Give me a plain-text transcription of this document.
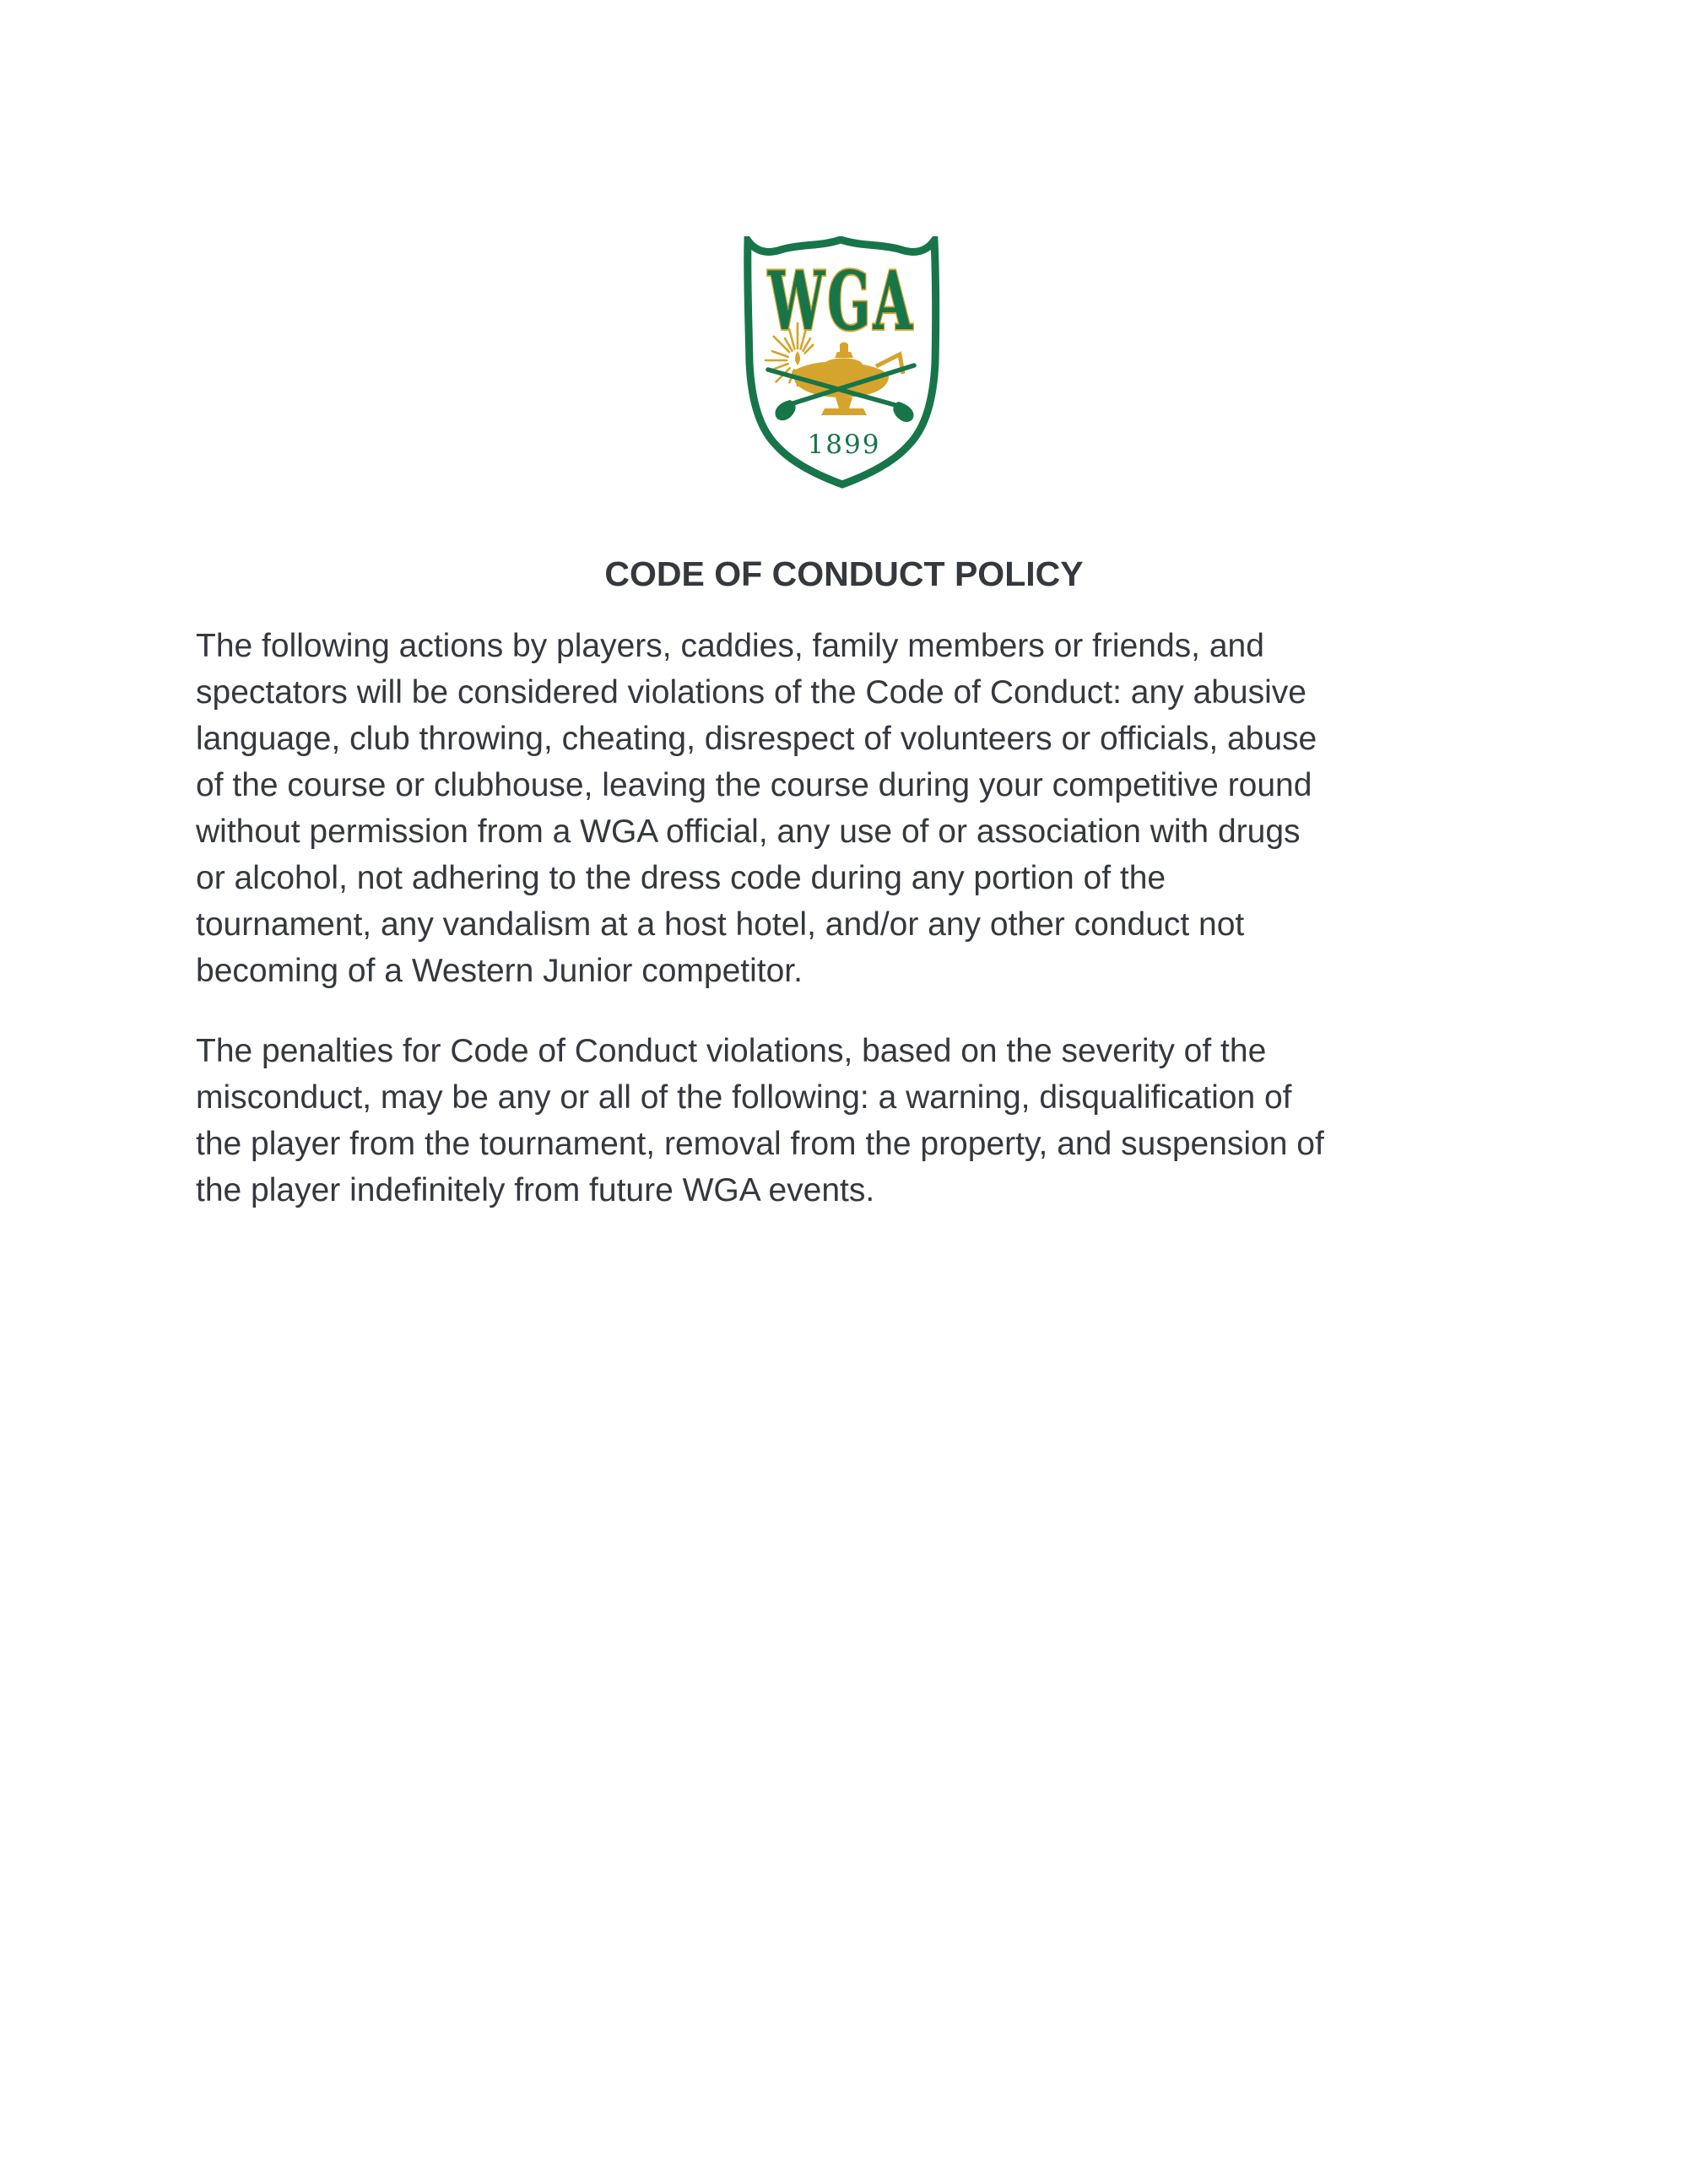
WGA
1899
CODE OF CONDUCT POLICY
The following actions by players, caddies, family members or friends, and
spectators will be considered violations of the Code of Conduct: any abusive
language, club throwing, cheating, disrespect of volunteers or officials, abuse
of the course or clubhouse, leaving the course during your competitive round
without permission from a WGA official, any use of or association with drugs
or alcohol, not adhering to the dress code during any portion of the
tournament, any vandalism at a host hotel, and/or any other conduct not
becoming of a Western Junior competitor.
The penalties for Code of Conduct violations, based on the severity of the
misconduct, may be any or all of the following: a warning, disqualification of
the player from the tournament, removal from the property, and suspension of
the player indefinitely from future WGA events.
